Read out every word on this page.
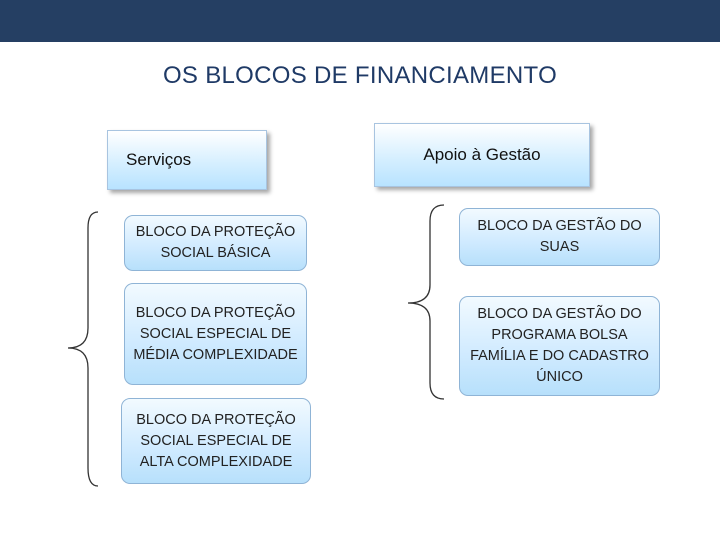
OS BLOCOS DE FINANCIAMENTO
Serviços	Apoio à Gestão
BLOCO DA PROTEÇÃO SOCIAL BÁSICA
BLOCO DA PROTEÇÃO SOCIAL ESPECIAL DE MÉDIA COMPLEXIDADE
BLOCO DA PROTEÇÃO SOCIAL ESPECIAL DE ALTA COMPLEXIDADE
BLOCO DA GESTÃO DO SUAS
BLOCO DA GESTÃO DO PROGRAMA BOLSA FAMÍLIA E DO CADASTRO ÚNICO
